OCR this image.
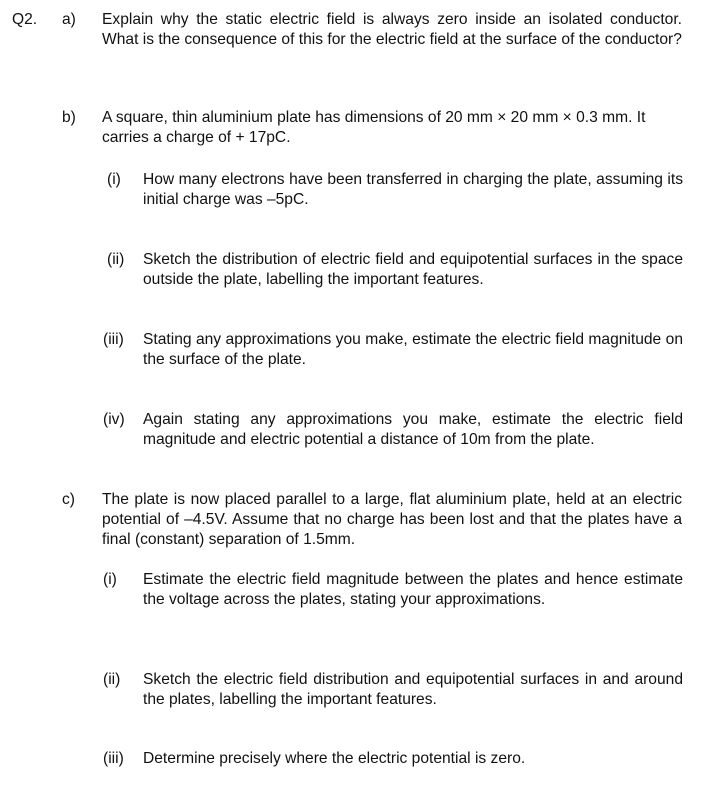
Q2. a) Explain why the static electric field is always zero inside an isolated conductor. What is the consequence of this for the electric field at the surface of the conductor?

b) A square, thin aluminium plate has dimensions of 20 mm × 20 mm × 0.3 mm. It carries a charge of + 17pC.

(i) How many electrons have been transferred in charging the plate, assuming its initial charge was –5pC.

(ii) Sketch the distribution of electric field and equipotential surfaces in the space outside the plate, labelling the important features.

(iii) Stating any approximations you make, estimate the electric field magnitude on the surface of the plate.

(iv) Again stating any approximations you make, estimate the electric field magnitude and electric potential a distance of 10m from the plate.

c) The plate is now placed parallel to a large, flat aluminium plate, held at an electric potential of –4.5V. Assume that no charge has been lost and that the plates have a final (constant) separation of 1.5mm.

(i) Estimate the electric field magnitude between the plates and hence estimate the voltage across the plates, stating your approximations.

(ii) Sketch the electric field distribution and equipotential surfaces in and around the plates, labelling the important features.

(iii) Determine precisely where the electric potential is zero.
